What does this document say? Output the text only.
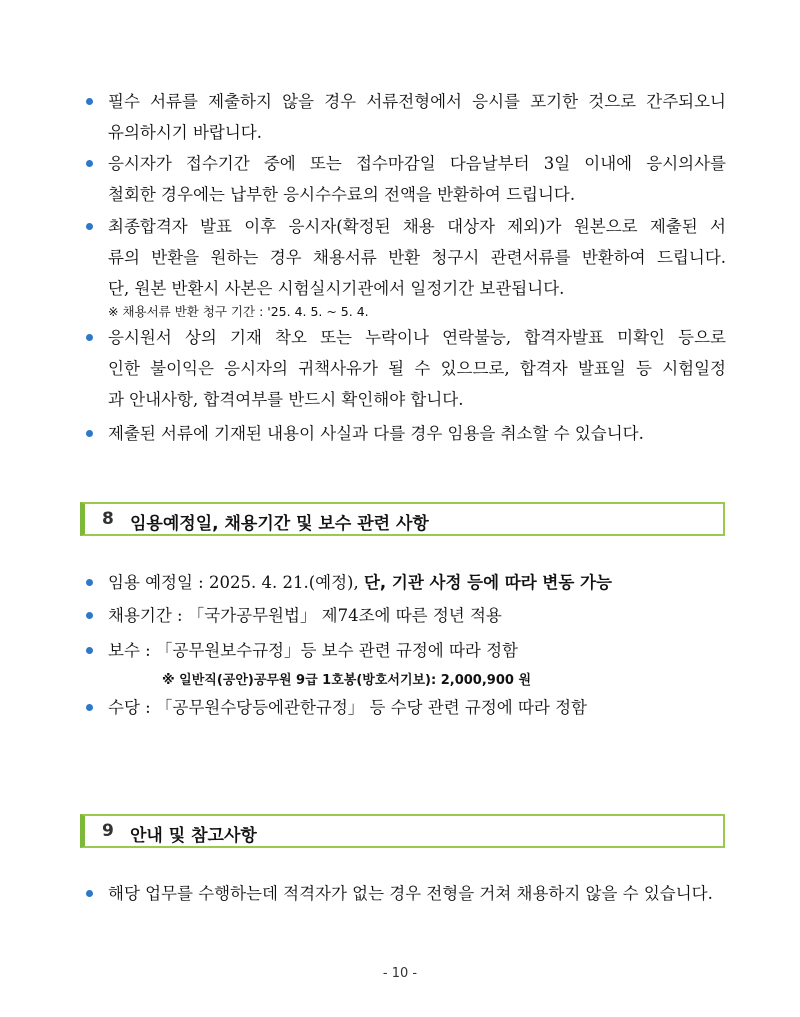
필수 서류를 제출하지 않을 경우 서류전형에서 응시를 포기한 것으로 간주되오니
유의하시기 바랍니다.
응시자가 접수기간 중에 또는 접수마감일 다음날부터 3일 이내에 응시의사를
철회한 경우에는 납부한 응시수수료의 전액을 반환하여 드립니다.
최종합격자 발표 이후 응시자(확정된 채용 대상자 제외)가 원본으로 제출된 서
류의 반환을 원하는 경우 채용서류 반환 청구시 관련서류를 반환하여 드립니다.
단, 원본 반환시 사본은 시험실시기관에서 일정기간 보관됩니다.
※ 채용서류 반환 청구 기간 : '25. 4. 5. ~ 5. 4.
응시원서 상의 기재 착오 또는 누락이나 연락불능, 합격자발표 미확인 등으로
인한 불이익은 응시자의 귀책사유가 될 수 있으므로, 합격자 발표일 등 시험일정
과 안내사항, 합격여부를 반드시 확인해야 합니다.
제출된 서류에 기재된 내용이 사실과 다를 경우 임용을 취소할 수 있습니다.
8 임용예정일, 채용기간 및 보수 관련 사항
임용 예정일 : 2025. 4. 21.(예정), 단, 기관 사정 등에 따라 변동 가능
채용기간 : 「국가공무원법」 제74조에 따른 정년 적용
보수 : 「공무원보수규정」등 보수 관련 규정에 따라 정함
※ 일반직(공안)공무원 9급 1호봉(방호서기보): 2,000,900 원
수당 : 「공무원수당등에관한규정」 등 수당 관련 규정에 따라 정함
9 안내 및 참고사항
해당 업무를 수행하는데 적격자가 없는 경우 전형을 거쳐 채용하지 않을 수 있습니다.
- 10 -
